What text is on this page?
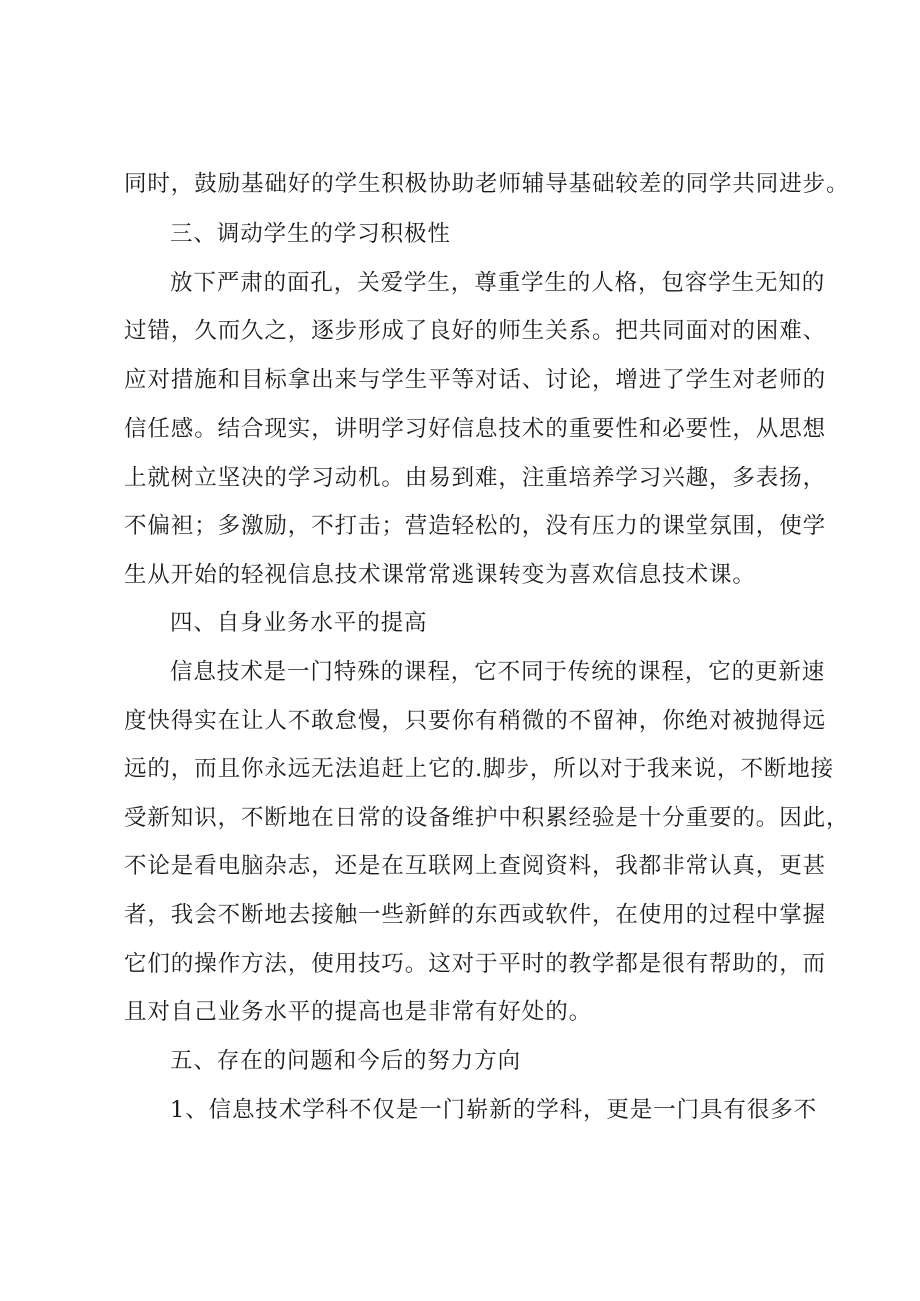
同时，鼓励基础好的学生积极协助老师辅导基础较差的同学共同进步。
三、调动学生的学习积极性
放下严肃的面孔，关爱学生，尊重学生的人格，包容学生无知的
过错，久而久之，逐步形成了良好的师生关系。把共同面对的困难、
应对措施和目标拿出来与学生平等对话、讨论，增进了学生对老师的
信任感。结合现实，讲明学习好信息技术的重要性和必要性，从思想
上就树立坚决的学习动机。由易到难，注重培养学习兴趣，多表扬，
不偏袒；多激励，不打击；营造轻松的，没有压力的课堂氛围，使学
生从开始的轻视信息技术课常常逃课转变为喜欢信息技术课。
四、自身业务水平的提高
信息技术是一门特殊的课程，它不同于传统的课程，它的更新速
度快得实在让人不敢怠慢，只要你有稍微的不留神，你绝对被抛得远
远的，而且你永远无法追赶上它的.脚步，所以对于我来说，不断地接
受新知识，不断地在日常的设备维护中积累经验是十分重要的。因此，
不论是看电脑杂志，还是在互联网上查阅资料，我都非常认真，更甚
者，我会不断地去接触一些新鲜的东西或软件，在使用的过程中掌握
它们的操作方法，使用技巧。这对于平时的教学都是很有帮助的，而
且对自己业务水平的提高也是非常有好处的。
五、存在的问题和今后的努力方向
1、信息技术学科不仅是一门崭新的学科，更是一门具有很多不
